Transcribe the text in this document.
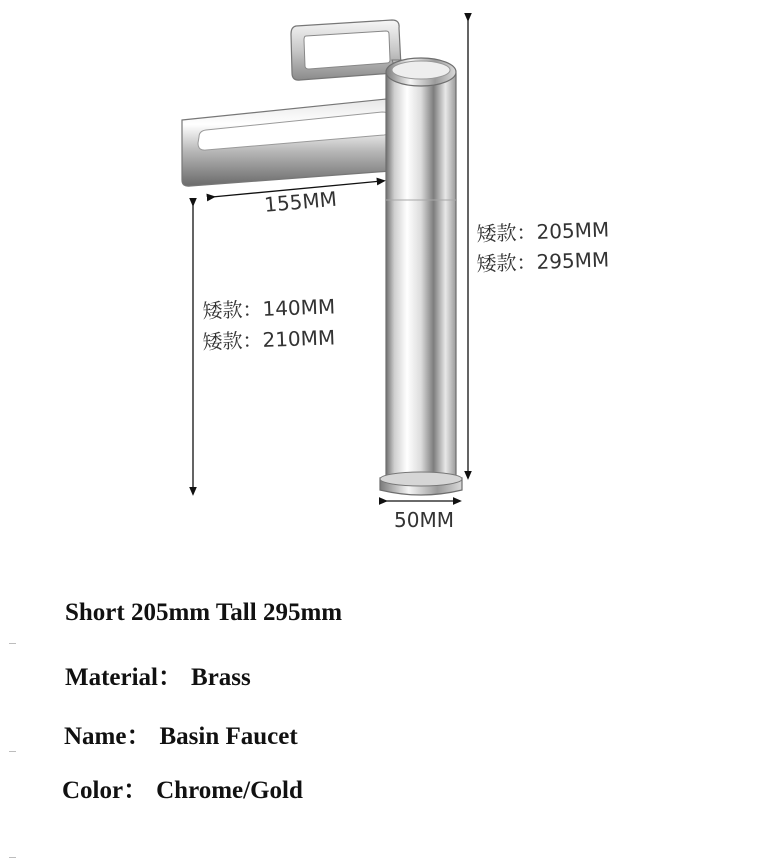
155MM
矮款：205MM
矮款：295MM
矮款：140MM
矮款：210MM
50MM
Short 205mm Tall 295mm
Material： Brass
Name： Basin Faucet
Color： Chrome/Gold
